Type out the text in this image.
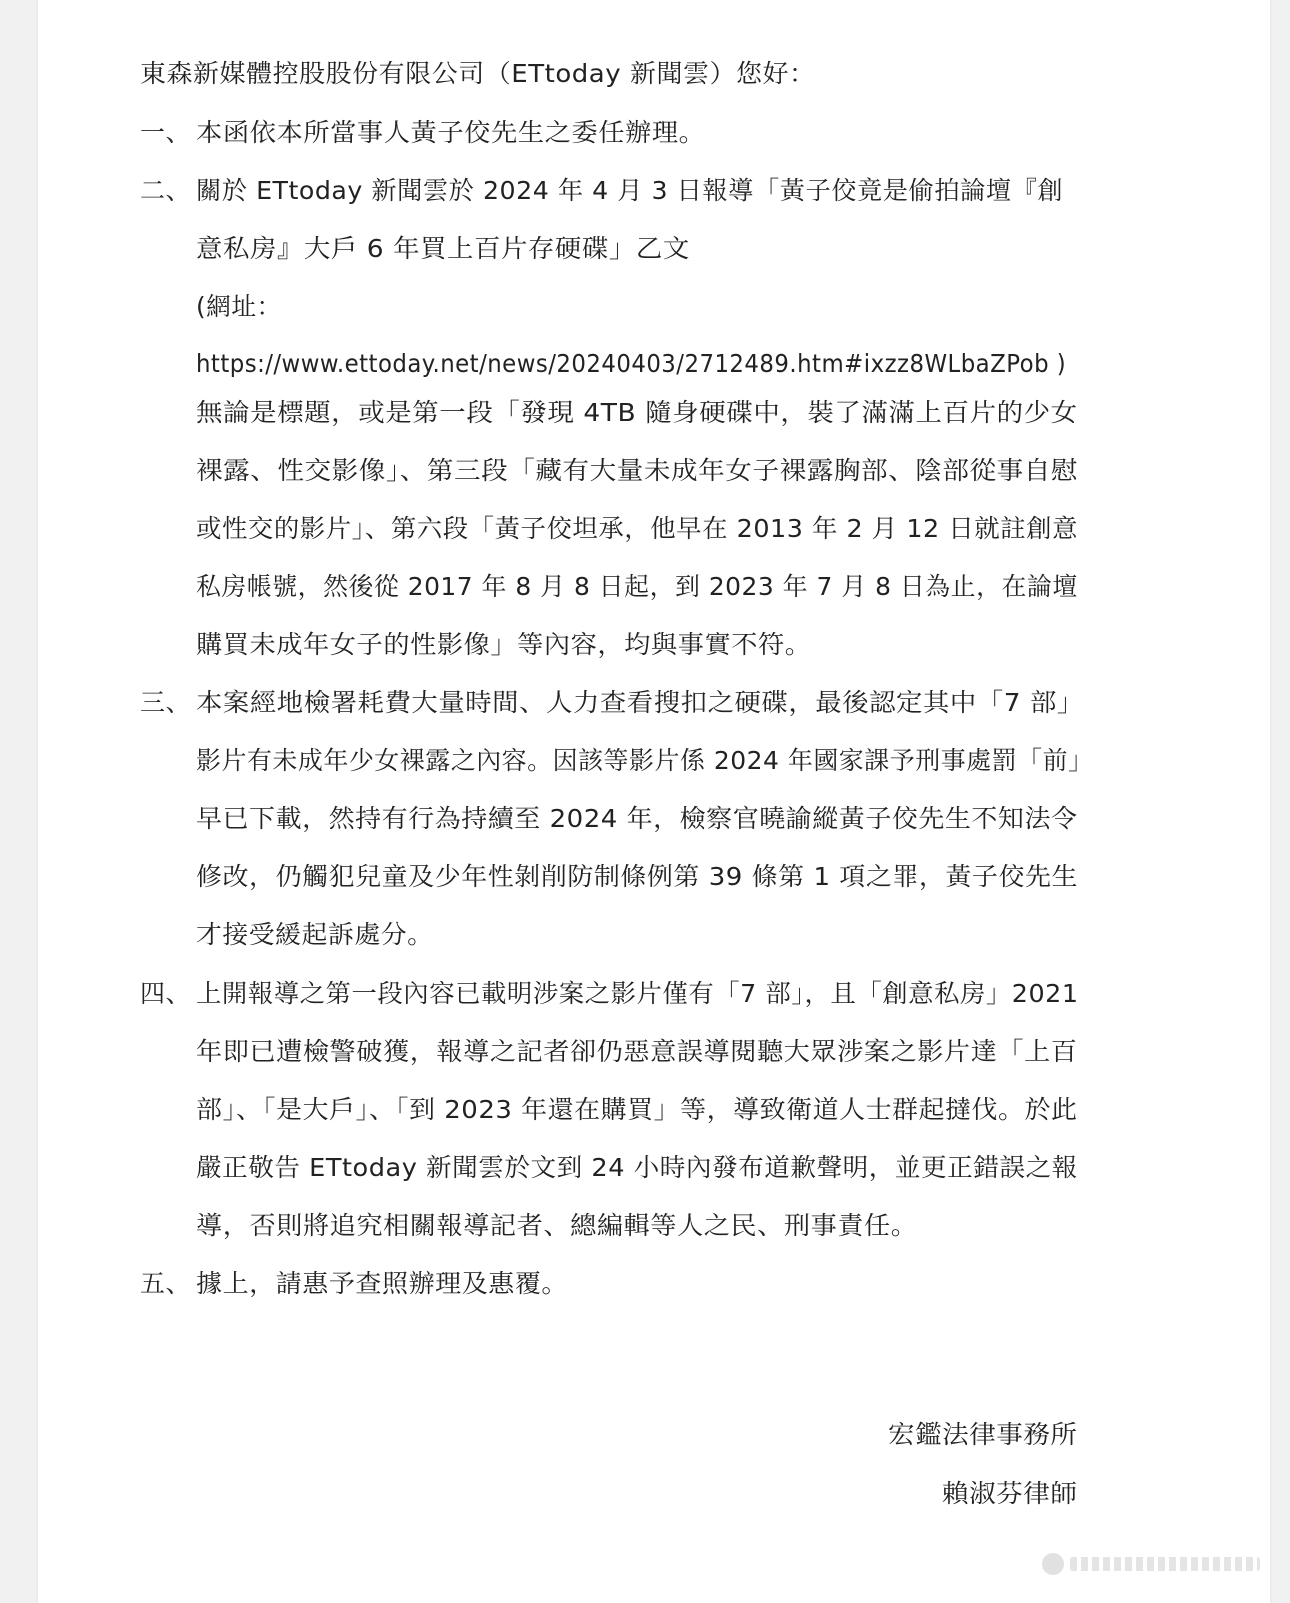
東森新媒體控股股份有限公司（ETtoday 新聞雲）您好：
一、 本函依本所當事人黃子佼先生之委任辦理。
二、 關於 ETtoday 新聞雲於 2024 年 4 月 3 日報導「黃子佼竟是偷拍論壇『創
意私房』大戶 6 年買上百片存硬碟」乙文
(網址：
https://www.ettoday.net/news/20240403/2712489.htm#ixzz8WLbaZPob )
無論是標題，或是第一段「發現 4TB 隨身硬碟中，裝了滿滿上百片的少女
裸露、性交影像」、第三段「藏有大量未成年女子裸露胸部、陰部從事自慰
或性交的影片」、第六段「黃子佼坦承，他早在 2013 年 2 月 12 日就註創意
私房帳號，然後從 2017 年 8 月 8 日起，到 2023 年 7 月 8 日為止，在論壇
購買未成年女子的性影像」等內容，均與事實不符。
三、 本案經地檢署耗費大量時間、人力查看搜扣之硬碟，最後認定其中「7 部」
影片有未成年少女裸露之內容。因該等影片係 2024 年國家課予刑事處罰「前」
早已下載，然持有行為持續至 2024 年，檢察官曉諭縱黃子佼先生不知法令
修改，仍觸犯兒童及少年性剝削防制條例第 39 條第 1 項之罪，黃子佼先生
才接受緩起訴處分。
四、 上開報導之第一段內容已載明涉案之影片僅有「7 部」，且「創意私房」2021
年即已遭檢警破獲，報導之記者卻仍惡意誤導閱聽大眾涉案之影片達「上百
部」、「是大戶」、「到 2023 年還在購買」等，導致衛道人士群起撻伐。於此
嚴正敬告 ETtoday 新聞雲於文到 24 小時內發布道歉聲明，並更正錯誤之報
導，否則將追究相關報導記者、總編輯等人之民、刑事責任。
五、 據上，請惠予查照辦理及惠覆。
宏鑑法律事務所
賴淑芬律師
